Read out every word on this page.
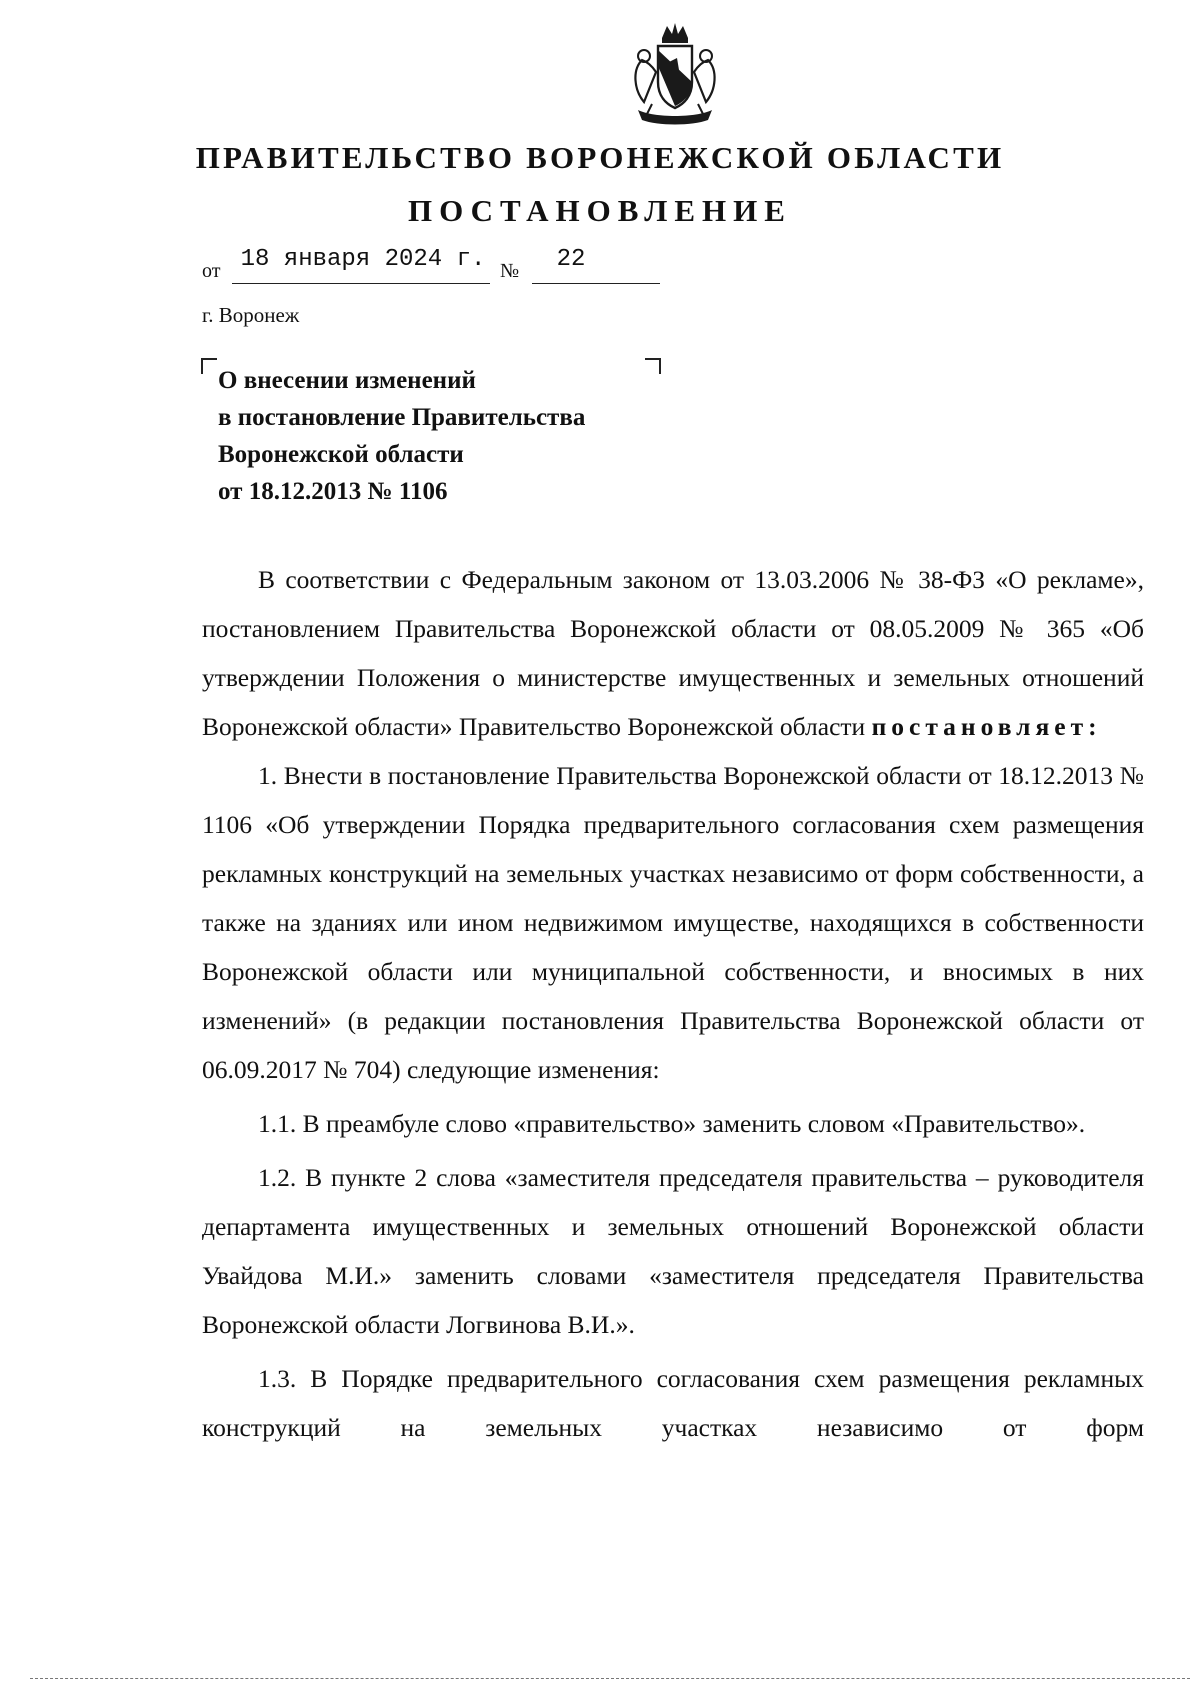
ПРАВИТЕЛЬСТВО ВОРОНЕЖСКОЙ ОБЛАСТИ
ПОСТАНОВЛЕНИЕ
от 18 января 2024 г. №	22
г. Воронеж
О внесении изменений
в постановление Правительства
Воронежской области
от 18.12.2013 № 1106

В соответствии с Федеральным законом от 13.03.2006 № 38-ФЗ «О рекламе», постановлением Правительства Воронежской области от 08.05.2009 № 365 «Об утверждении Положения о министерстве имущественных и земельных отношений Воронежской области» Правительство Воронежской области постановляет:

1. Внести в постановление Правительства Воронежской области от 18.12.2013 № 1106 «Об утверждении Порядка предварительного согласования схем размещения рекламных конструкций на земельных участках независимо от форм собственности, а также на зданиях или ином недвижимом имуществе, находящихся в собственности Воронежской области или муниципальной собственности, и вносимых в них изменений» (в редакции постановления Правительства Воронежской области от 06.09.2017 № 704) следующие изменения:

1.1. В преамбуле слово «правительство» заменить словом «Правительство».

1.2. В пункте 2 слова «заместителя председателя правительства – руководителя департамента имущественных и земельных отношений Воронежской области Увайдова М.И.» заменить словами «заместителя председателя Правительства Воронежской области Логвинова В.И.».

1.3. В Порядке предварительного согласования схем размещения рекламных конструкций на земельных участках независимо от форм
